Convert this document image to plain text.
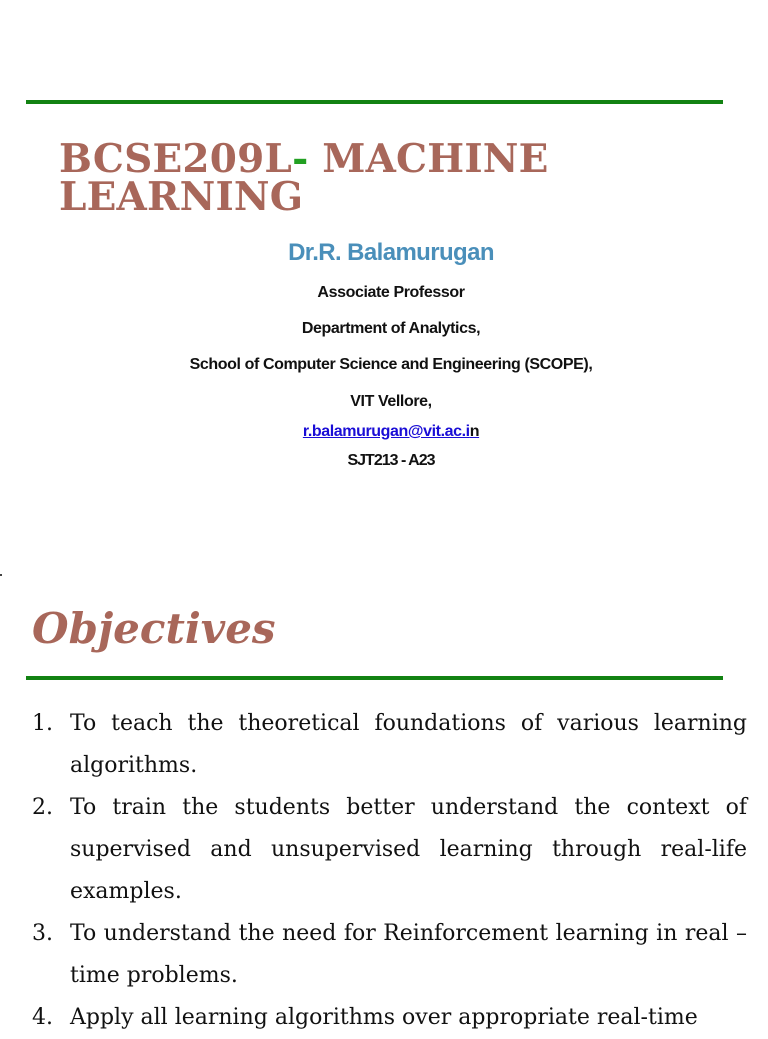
BCSE209L- MACHINE
LEARNING

Dr.R. Balamurugan

Associate Professor

Department of Analytics,

School of Computer Science and Engineering (SCOPE),

VIT Vellore,

r.balamurugan@vit.ac.in

SJT213 - A23

Objectives
1. To teach the theoretical foundations of various learning algorithms.
2. To train the students better understand the context of supervised and unsupervised learning through real-life examples.
3. To understand the need for Reinforcement learning in real – time problems.
4. Apply all learning algorithms over appropriate real-time
